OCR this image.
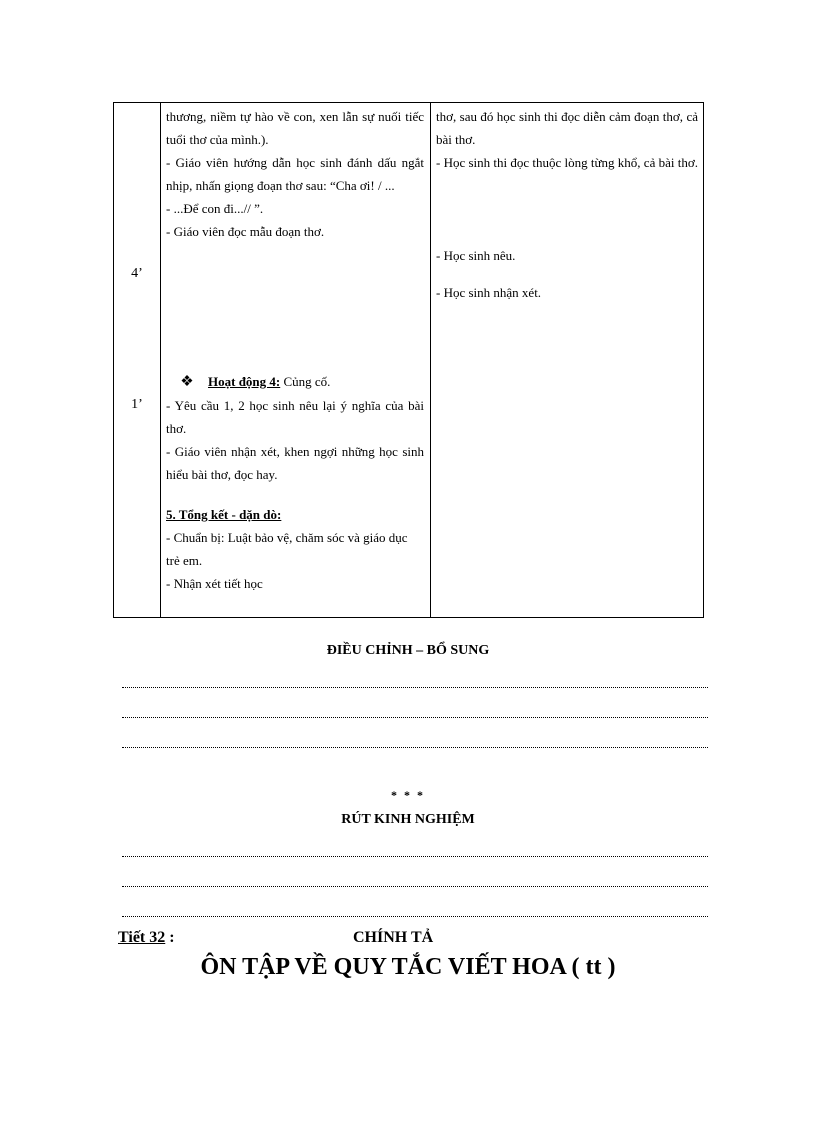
4’
1’

thương, niềm tự hào về con, xen lẫn sự nuối tiếc tuổi thơ của mình.).

- Giáo viên hướng dẫn học sinh đánh dấu ngắt nhịp, nhấn giọng đoạn thơ sau: “Cha ơi! / ...

- ...Để con đi...// ”.

- Giáo viên đọc mẫu đoạn thơ.

❖ Hoạt động 4: Củng cố.

- Yêu cầu 1, 2 học sinh nêu lại ý nghĩa của bài thơ.

- Giáo viên nhận xét, khen ngợi những học sinh hiểu bài thơ, đọc hay.

5. Tổng kết - dặn dò:

- Chuẩn bị: Luật bảo vệ, chăm sóc và giáo dục trẻ em.

- Nhận xét tiết học

thơ, sau đó học sinh thi đọc diễn cảm đoạn thơ, cả bài thơ.

- Học sinh thi đọc thuộc lòng từng khổ, cả bài thơ.

- Học sinh nêu.

- Học sinh nhận xét.

ĐIỀU CHỈNH – BỔ SUNG
* * *
RÚT KINH NGHIỆM
Tiết 32 :	CHÍNH TẢ
ÔN TẬP VỀ QUY TẮC VIẾT HOA ( tt )
